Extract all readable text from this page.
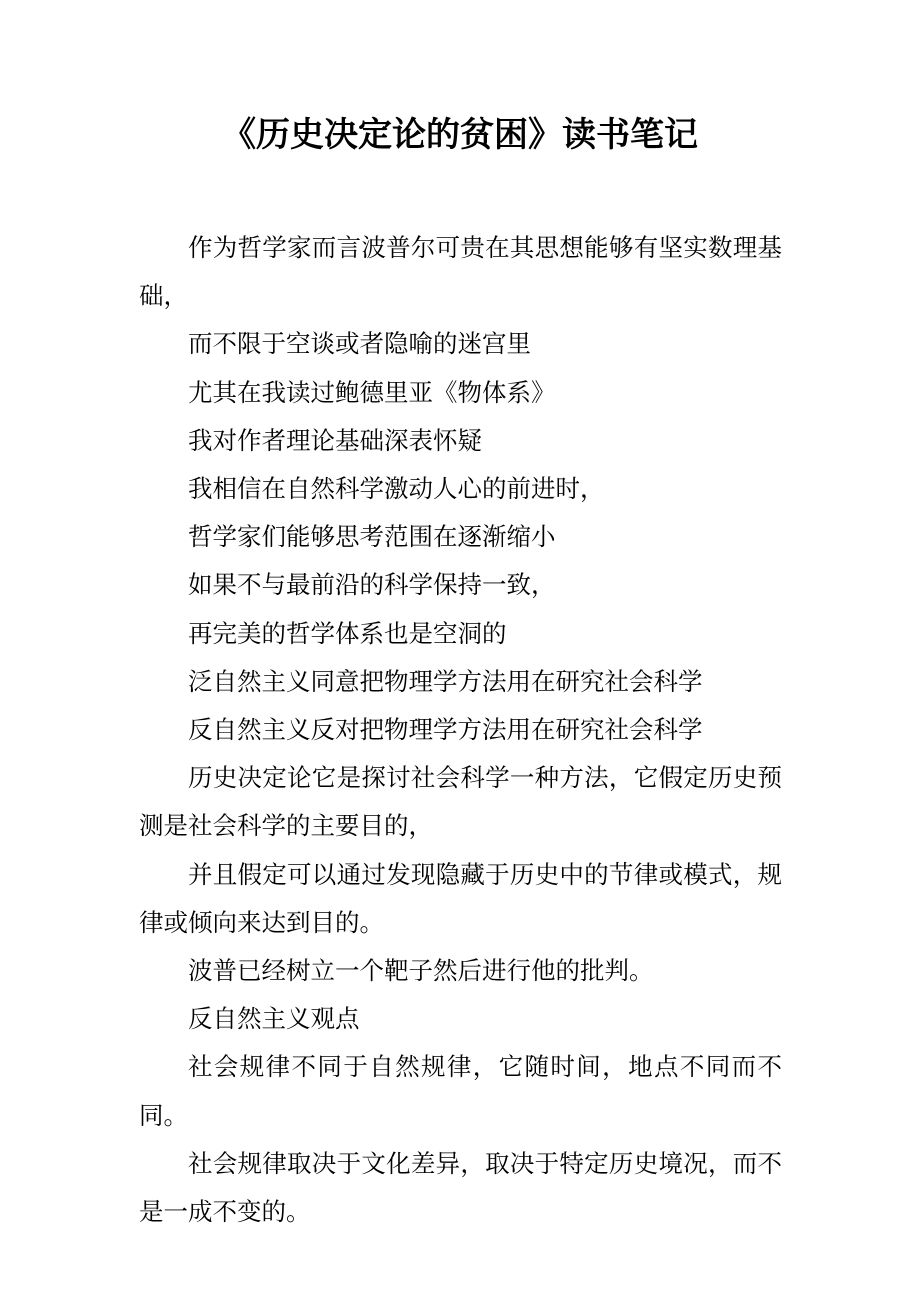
《历史决定论的贫困》读书笔记

作为哲学家而言波普尔可贵在其思想能够有坚实数理基础，

而不限于空谈或者隐喻的迷宫里

尤其在我读过鲍德里亚《物体系》

我对作者理论基础深表怀疑

我相信在自然科学激动人心的前进时，

哲学家们能够思考范围在逐渐缩小

如果不与最前沿的科学保持一致，

再完美的哲学体系也是空洞的

泛自然主义同意把物理学方法用在研究社会科学

反自然主义反对把物理学方法用在研究社会科学

历史决定论它是探讨社会科学一种方法，它假定历史预测是社会科学的主要目的，

并且假定可以通过发现隐藏于历史中的节律或模式，规律或倾向来达到目的。

波普已经树立一个靶子然后进行他的批判。

反自然主义观点

社会规律不同于自然规律，它随时间，地点不同而不同。

社会规律取决于文化差异，取决于特定历史境况，而不是一成不变的。
